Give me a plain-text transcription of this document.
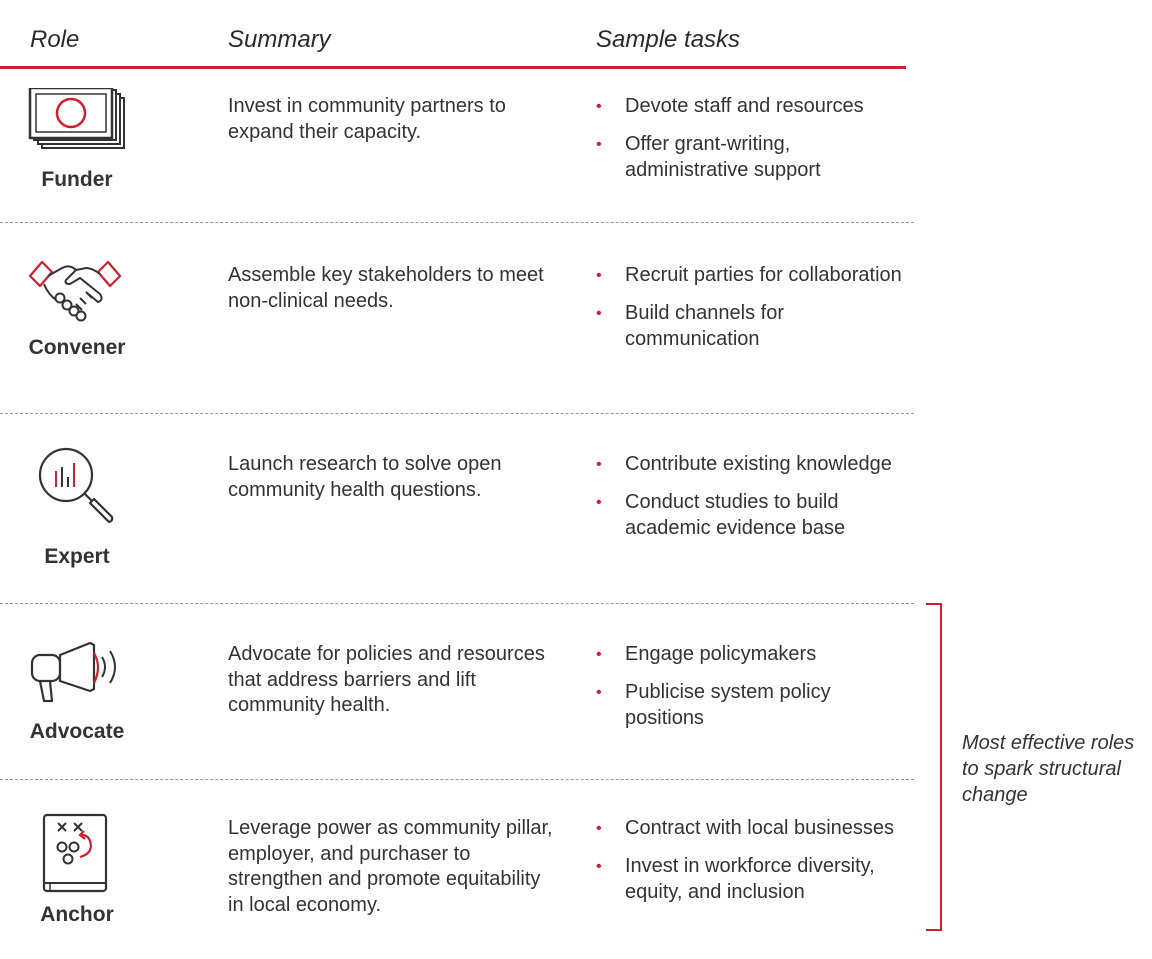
Role	Summary	Sample tasks
Funder
Invest in community partners to expand their capacity.
• Devote staff and resources
• Offer grant-writing, administrative support
Convener
Assemble key stakeholders to meet non-clinical needs.
• Recruit parties for collaboration
• Build channels for communication
Expert
Launch research to solve open community health questions.
• Contribute existing knowledge
• Conduct studies to build academic evidence base
Advocate
Advocate for policies and resources that address barriers and lift community health.
• Engage policymakers
• Publicise system policy positions
Anchor
Leverage power as community pillar, employer, and purchaser to strengthen and promote equitability in local economy.
• Contract with local businesses
• Invest in workforce diversity, equity, and inclusion
Most effective roles to spark structural change
